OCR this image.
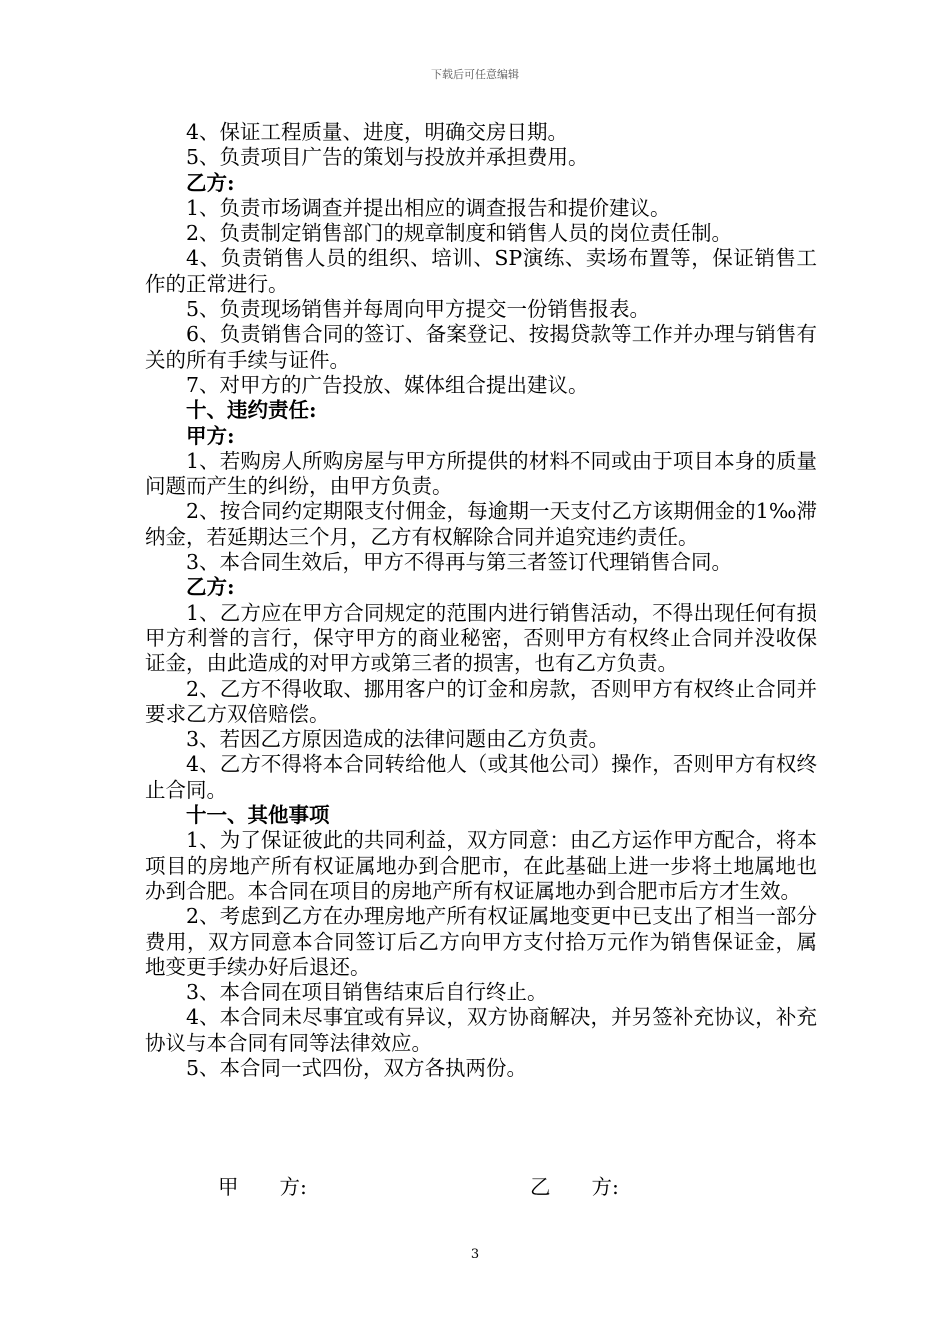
下载后可任意编辑

4、保证工程质量、进度，明确交房日期。

5、负责项目广告的策划与投放并承担费用。

乙方:

1、负责市场调查并提出相应的调查报告和提价建议。

2、负责制定销售部门的规章制度和销售人员的岗位责任制。

4、负责销售人员的组织、培训、SP演练、卖场布置等，保证销售工作的正常进行。

5、负责现场销售并每周向甲方提交一份销售报表。

6、负责销售合同的签订、备案登记、按揭贷款等工作并办理与销售有关的所有手续与证件。

7、对甲方的广告投放、媒体组合提出建议。

十、违约责任:

甲方:

1、若购房人所购房屋与甲方所提供的材料不同或由于项目本身的质量问题而产生的纠纷，由甲方负责。

2、按合同约定期限支付佣金，每逾期一天支付乙方该期佣金的1‰滞纳金，若延期达三个月，乙方有权解除合同并追究违约责任。

3、本合同生效后，甲方不得再与第三者签订代理销售合同。

乙方:

1、乙方应在甲方合同规定的范围内进行销售活动，不得出现任何有损甲方利誉的言行，保守甲方的商业秘密，否则甲方有权终止合同并没收保证金，由此造成的对甲方或第三者的损害，也有乙方负责。

2、乙方不得收取、挪用客户的订金和房款，否则甲方有权终止合同并要求乙方双倍赔偿。

3、若因乙方原因造成的法律问题由乙方负责。

4、乙方不得将本合同转给他人（或其他公司）操作，否则甲方有权终止合同。

十一、其他事项

1、为了保证彼此的共同利益，双方同意：由乙方运作甲方配合，将本项目的房地产所有权证属地办到合肥市，在此基础上进一步将土地属地也办到合肥。本合同在项目的房地产所有权证属地办到合肥市后方才生效。

2、考虑到乙方在办理房地产所有权证属地变更中已支出了相当一部分费用，双方同意本合同签订后乙方向甲方支付拾万元作为销售保证金，属地变更手续办好后退还。

3、本合同在项目销售结束后自行终止。

4、本合同未尽事宜或有异议，双方协商解决，并另签补充协议，补充协议与本合同有同等法律效应。

5、本合同一式四份，双方各执两份。

甲　　方:	乙　　方:
3
